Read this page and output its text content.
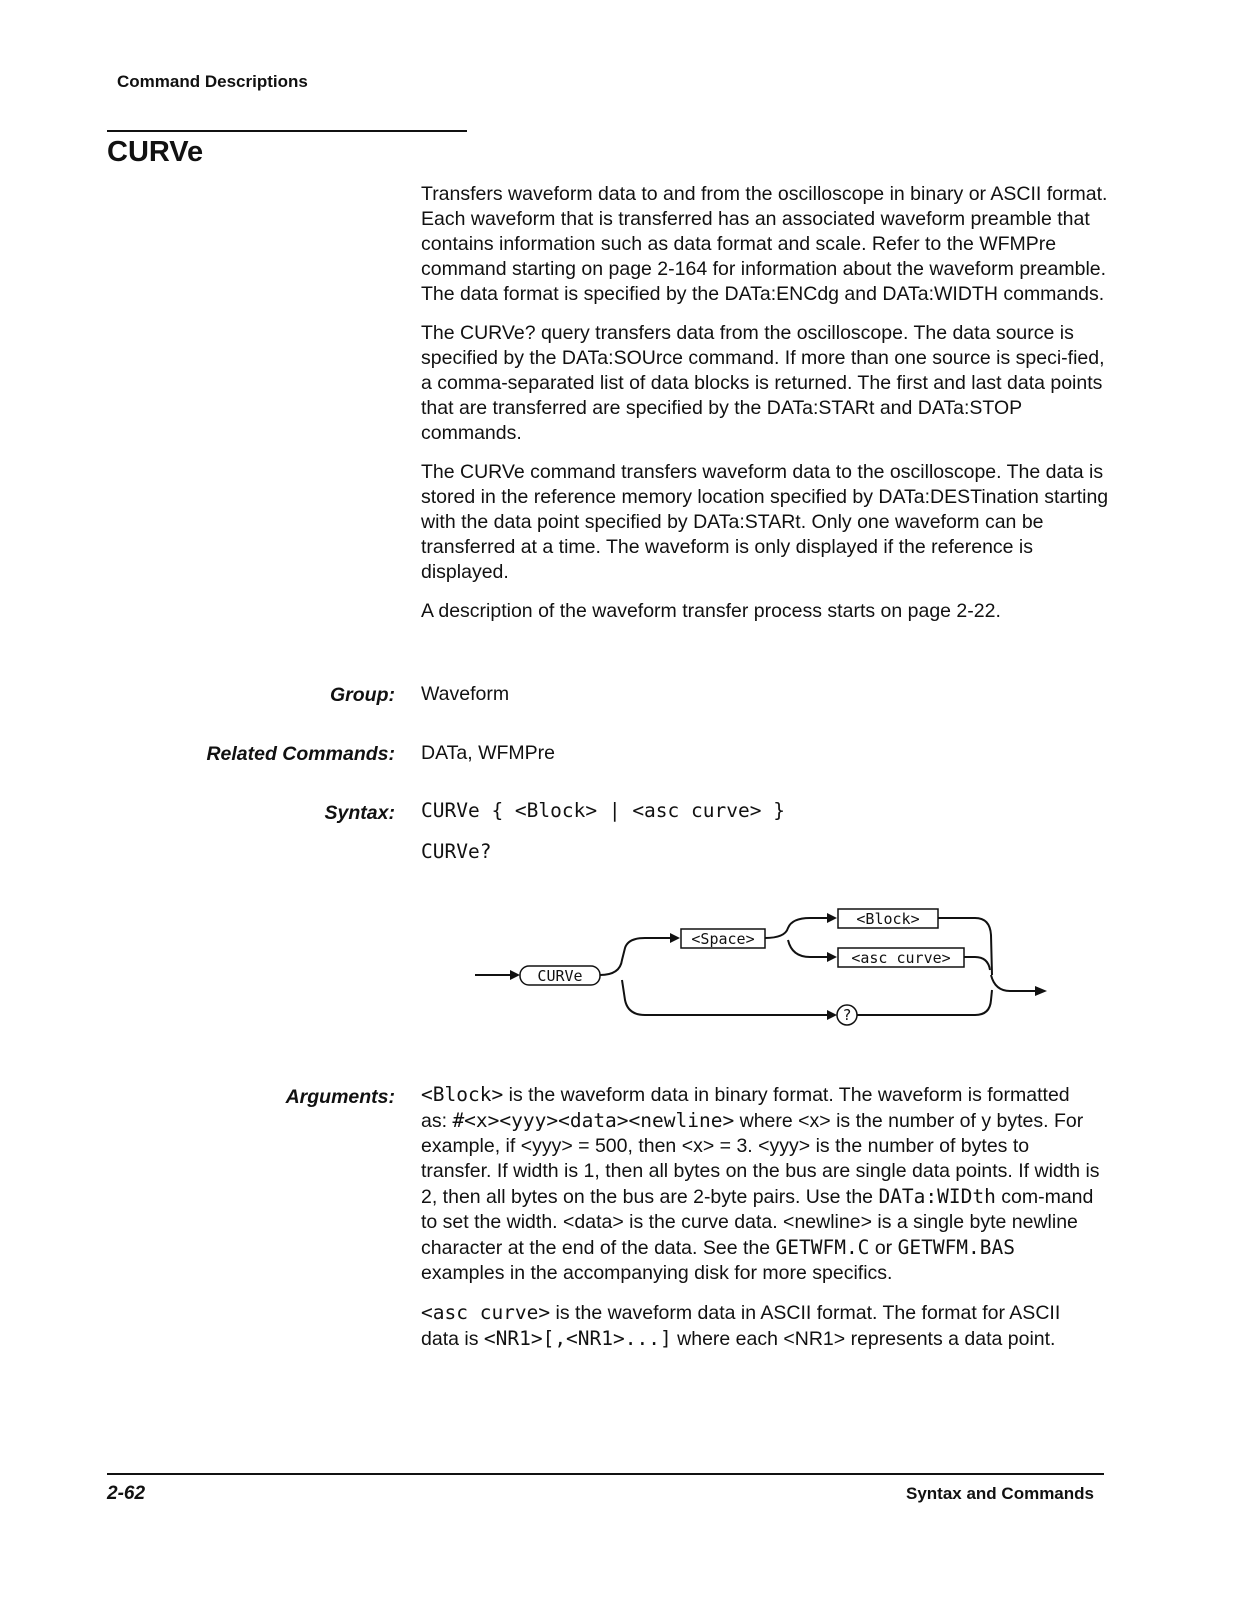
Command Descriptions
CURVe

Transfers waveform data to and from the oscilloscope in binary or ASCII format. Each waveform that is transferred has an associated waveform preamble that contains information such as data format and scale. Refer to the WFMPre command starting on page 2-164 for information about the waveform preamble. The data format is specified by the DATa:ENCdg and DATa:WIDTH commands.

The CURVe? query transfers data from the oscilloscope. The data source is specified by the DATa:SOUrce command. If more than one source is speci-fied, a comma-separated list of data blocks is returned. The first and last data points that are transferred are specified by the DATa:STARt and DATa:STOP commands.

The CURVe command transfers waveform data to the oscilloscope. The data is stored in the reference memory location specified by DATa:DESTination starting with the data point specified by DATa:STARt. Only one waveform can be transferred at a time. The waveform is only displayed if the reference is displayed.

A description of the waveform transfer process starts on page 2-22.

Group: Waveform
Related Commands: DATa, WFMPre
Syntax: CURVe { <Block> | <asc curve> }
CURVe?
CURVe
<Space>
<Block>
<asc curve>
?
Arguments: <Block> is the waveform data in binary format. The waveform is formatted as: #<x><yyy><data><newline> where <x> is the number of y bytes. For example, if <yyy> = 500, then <x> = 3. <yyy> is the number of bytes to transfer. If width is 1, then all bytes on the bus are single data points. If width is 2, then all bytes on the bus are 2-byte pairs. Use the DATa:WIDth com-mand to set the width. <data> is the curve data. <newline> is a single byte newline character at the end of the data. See the GETWFM.C or GETWFM.BAS examples in the accompanying disk for more specifics.

<asc curve> is the waveform data in ASCII format. The format for ASCII data is <NR1>[,<NR1>...] where each <NR1> represents a data point.

2-62	Syntax and Commands
